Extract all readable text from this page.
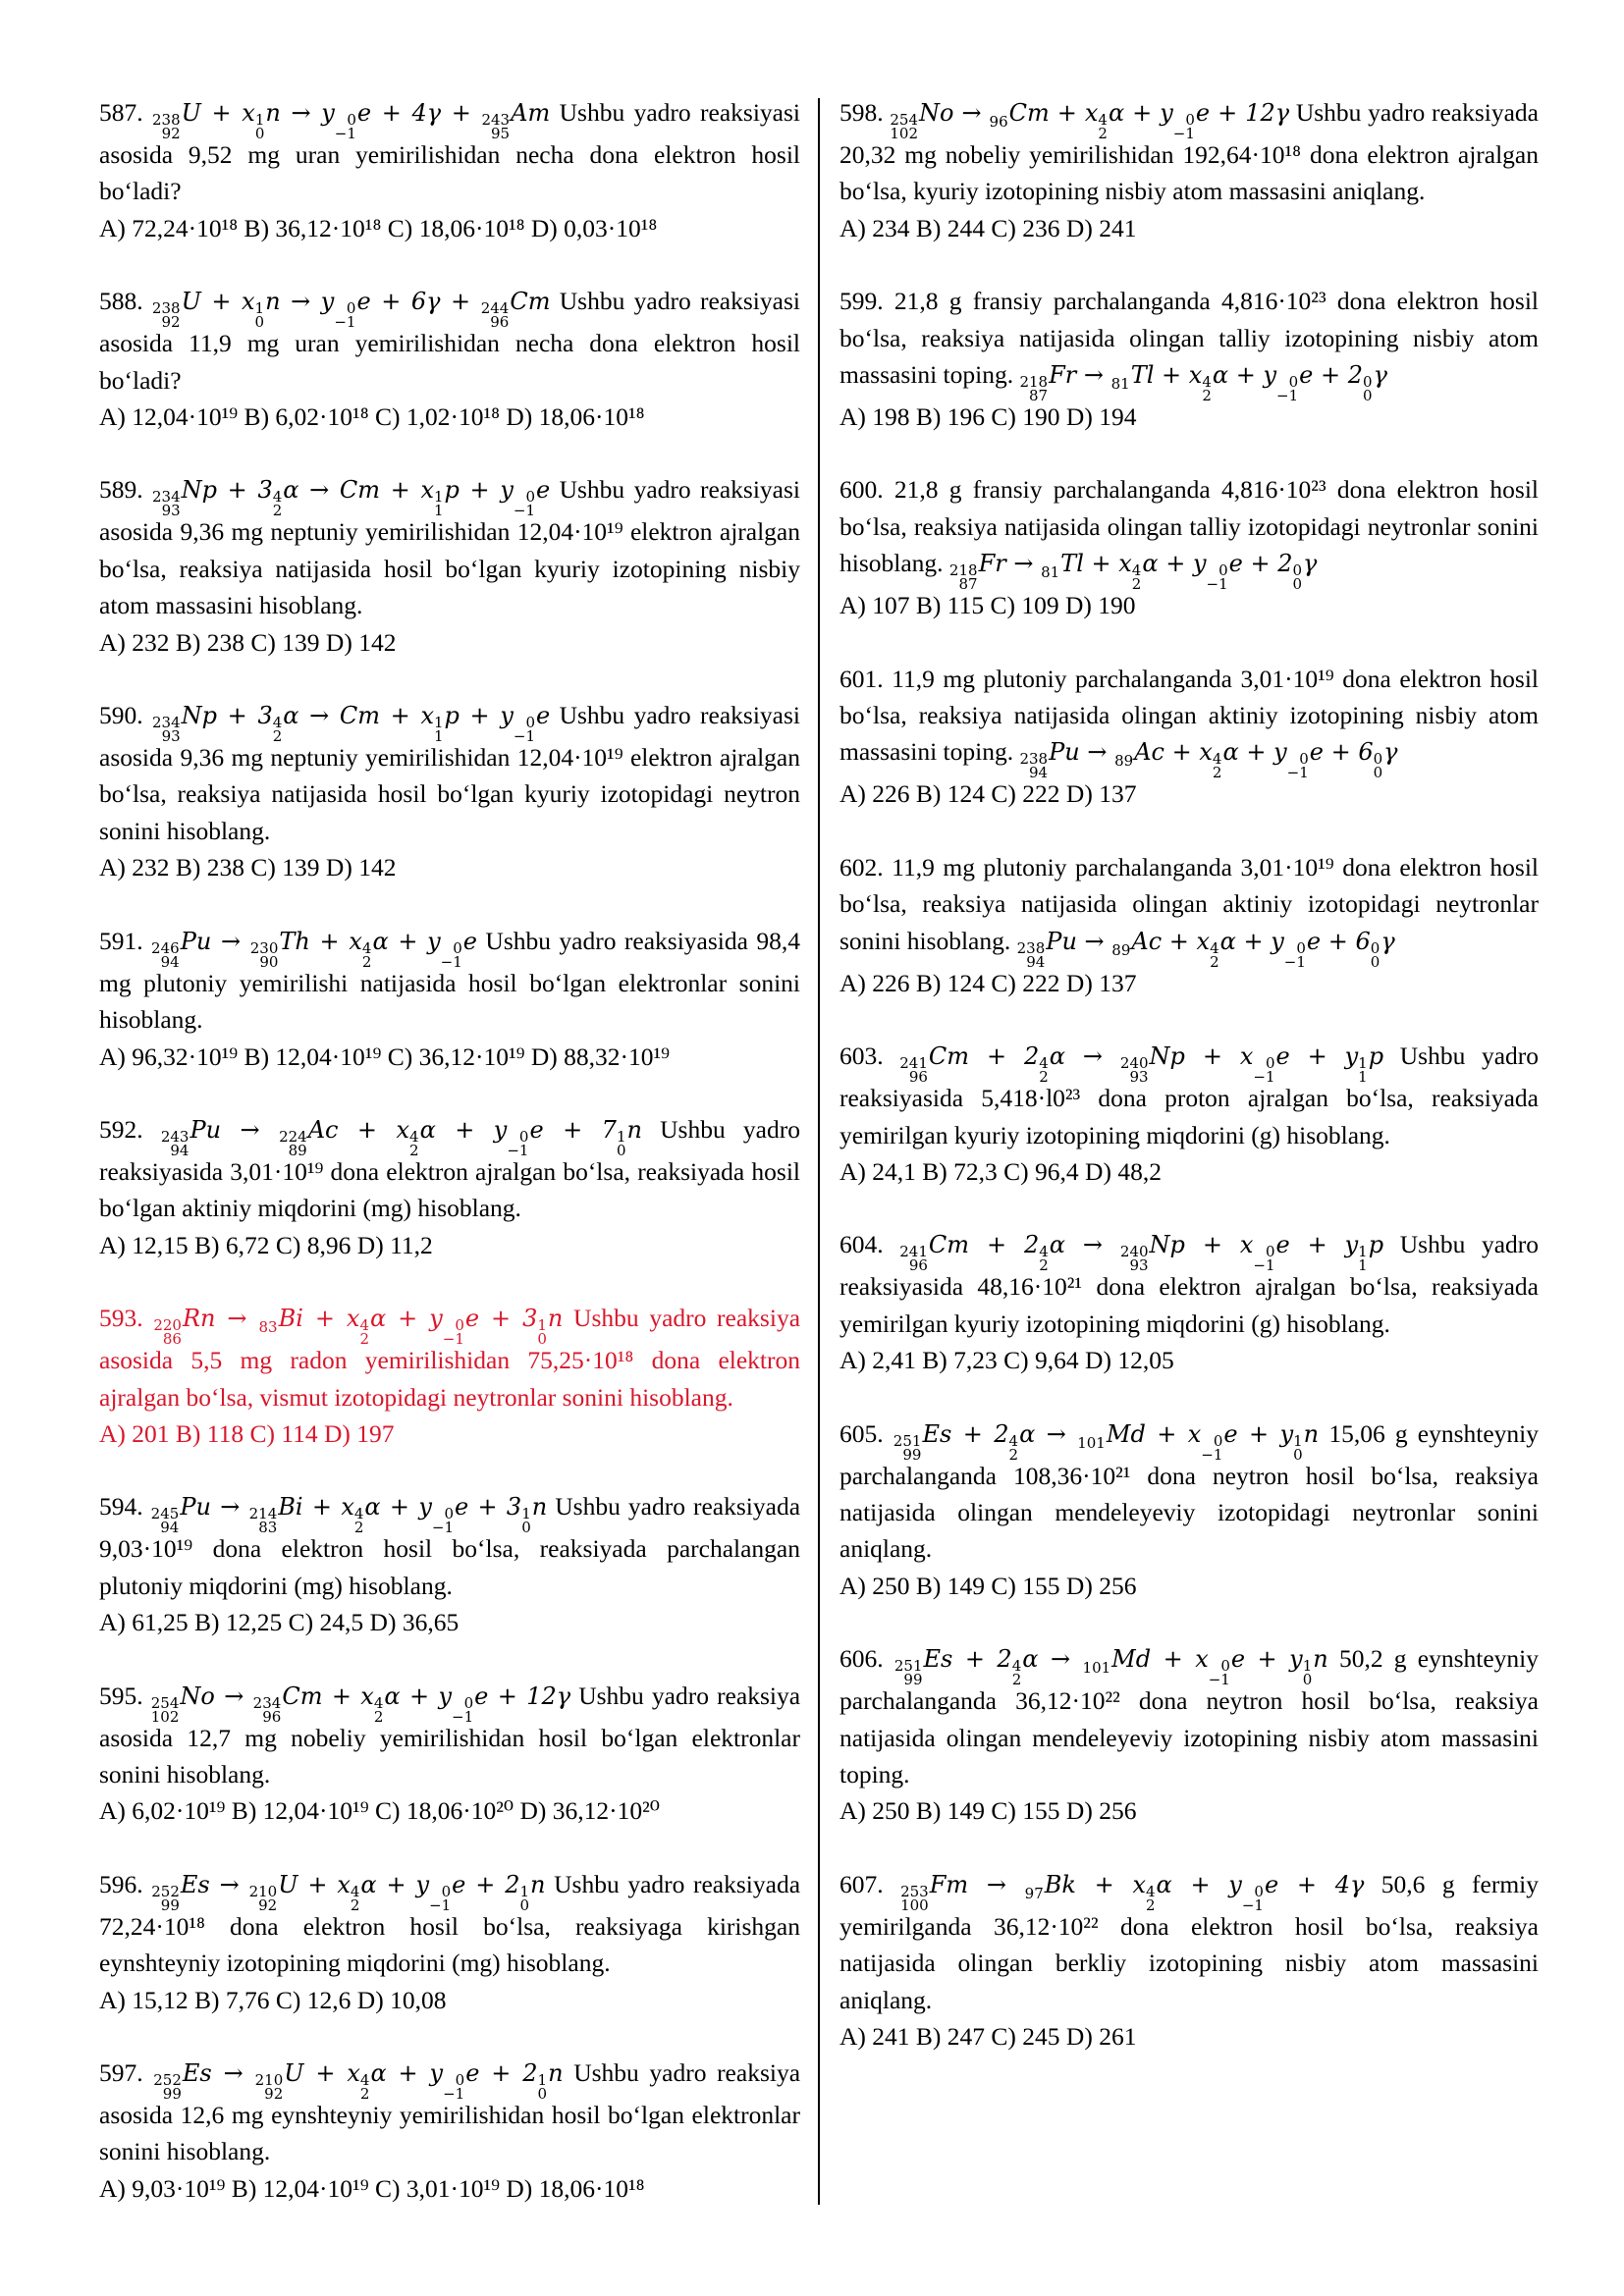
587. 238
92
U + x 1
0
n → y 0
−1
e + 4γ + 243
95
Am Ushbu yadro reaksiyasi asosida 9,52 mg uran yemirilishidan necha dona elektron hosil bo‘ladi?
A) 72,24·10¹⁸ B) 36,12·10¹⁸ C) 18,06·10¹⁸ D) 0,03·10¹⁸
588. 238
92
U + x 1
0
n → y 0
−1
e + 6γ + 244
96
Cm Ushbu yadro reaksiyasi asosida 11,9 mg uran yemirilishidan necha dona elektron hosil bo‘ladi?
A) 12,04·10¹⁹ B) 6,02·10¹⁸ C) 1,02·10¹⁸ D) 18,06·10¹⁸
589. 234
93
Np + 3 4
2
α → Cm + x 1
1
p + y 0
−1
e Ushbu yadro reaksiyasi asosida 9,36 mg neptuniy yemirilishidan 12,04·10¹⁹ elektron ajralgan bo‘lsa, reaksiya natijasida hosil bo‘lgan kyuriy izotopining nisbiy atom massasini hisoblang.
A) 232 B) 238 C) 139 D) 142
590. 234
93
Np + 3 4
2
α → Cm + x 1
1
p + y 0
−1
e Ushbu yadro reaksiyasi asosida 9,36 mg neptuniy yemirilishidan 12,04·10¹⁹ elektron ajralgan bo‘lsa, reaksiya natijasida hosil bo‘lgan kyuriy izotopidagi neytron sonini hisoblang.
A) 232 B) 238 C) 139 D) 142
591. 246
94
Pu → 230
90
Th + x 4
2
α + y 0
−1
e Ushbu yadro reaksiyasida 98,4 mg plutoniy yemirilishi natijasida hosil bo‘lgan elektronlar sonini hisoblang.
A) 96,32·10¹⁹ B) 12,04·10¹⁹ C) 36,12·10¹⁹ D) 88,32·10¹⁹
592. 243
94
Pu → 224
89
Ac + x 4
2
α + y 0
−1
e + 7 1
0
n Ushbu yadro reaksiyasida 3,01·10¹⁹ dona elektron ajralgan bo‘lsa, reaksiyada hosil bo‘lgan aktiniy miqdorini (mg) hisoblang.
A) 12,15 B) 6,72 C) 8,96 D) 11,2
593. 220
86
Rn → 83Bi + x 4
2
α + y 0
−1
e + 3 1
0
n Ushbu yadro reaksiya asosida 5,5 mg radon yemirilishidan 75,25·10¹⁸ dona elektron ajralgan bo‘lsa, vismut izotopidagi neytronlar sonini hisoblang.
A) 201 B) 118 C) 114 D) 197
594. 245
94
Pu → 214
83
Bi + x 4
2
α + y 0
−1
e + 3 1
0
n Ushbu yadro reaksiyada 9,03·10¹⁹ dona elektron hosil bo‘lsa, reaksiyada parchalangan plutoniy miqdorini (mg) hisoblang.
A) 61,25 B) 12,25 C) 24,5 D) 36,65
595. 254
102
No → 234
96
Cm + x 4
2
α + y 0
−1
e + 12γ Ushbu yadro reaksiya asosida 12,7 mg nobeliy yemirilishidan hosil bo‘lgan elektronlar sonini hisoblang.
A) 6,02·10¹⁹ B) 12,04·10¹⁹ C) 18,06·10²⁰ D) 36,12·10²⁰
596. 252
99
Es → 210
92
U + x 4
2
α + y 0
−1
e + 2 1
0
n Ushbu yadro reaksiyada 72,24·10¹⁸ dona elektron hosil bo‘lsa, reaksiyaga kirishgan eynshteyniy izotopining miqdorini (mg) hisoblang.
A) 15,12 B) 7,76 C) 12,6 D) 10,08
597. 252
99
Es → 210
92
U + x 4
2
α + y 0
−1
e + 2 1
0
n Ushbu yadro reaksiya asosida 12,6 mg eynshteyniy yemirilishidan hosil bo‘lgan elektronlar sonini hisoblang.
A) 9,03·10¹⁹ B) 12,04·10¹⁹ C) 3,01·10¹⁹ D) 18,06·10¹⁸
598. 254
102
No → 96Cm + x 4
2
α + y 0
−1
e + 12γ Ushbu yadro reaksiyada 20,32 mg nobeliy yemirilishidan 192,64·10¹⁸ dona elektron ajralgan bo‘lsa, kyuriy izotopining nisbiy atom massasini aniqlang.
A) 234 B) 244 C) 236 D) 241
599. 21,8 g fransiy parchalanganda 4,816·10²³ dona elektron hosil bo‘lsa, reaksiya natijasida olingan talliy izotopining nisbiy atom massasini toping. 218
87
Fr → 81Tl + x 4
2
α + y 0
−1
e + 2 0
0
γ
A) 198 B) 196 C) 190 D) 194
600. 21,8 g fransiy parchalanganda 4,816·10²³ dona elektron hosil bo‘lsa, reaksiya natijasida olingan talliy izotopidagi neytronlar sonini hisoblang. 218
87
Fr → 81Tl + x 4
2
α + y 0
−1
e + 2 0
0
γ
A) 107 B) 115 C) 109 D) 190
601. 11,9 mg plutoniy parchalanganda 3,01·10¹⁹ dona elektron hosil bo‘lsa, reaksiya natijasida olingan aktiniy izotopining nisbiy atom massasini toping. 238
94
Pu → 89Ac + x 4
2
α + y 0
−1
e + 6 0
0
γ
A) 226 B) 124 C) 222 D) 137
602. 11,9 mg plutoniy parchalanganda 3,01·10¹⁹ dona elektron hosil bo‘lsa, reaksiya natijasida olingan aktiniy izotopidagi neytronlar sonini hisoblang. 238
94
Pu → 89Ac + x 4
2
α + y 0
−1
e + 6 0
0
γ
A) 226 B) 124 C) 222 D) 137
603. 241
96
Cm + 2 4
2
α → 240
93
Np + x 0
−1
e + y 1
1
p Ushbu yadro reaksiyasida 5,418·l0²³ dona proton ajralgan bo‘lsa, reaksiyada yemirilgan kyuriy izotopining miqdorini (g) hisoblang.
A) 24,1 B) 72,3 C) 96,4 D) 48,2
604. 241
96
Cm + 2 4
2
α → 240
93
Np + x 0
−1
e + y 1
1
p Ushbu yadro reaksiyasida 48,16·10²¹ dona elektron ajralgan bo‘lsa, reaksiyada yemirilgan kyuriy izotopining miqdorini (g) hisoblang.
A) 2,41 B) 7,23 C) 9,64 D) 12,05
605. 251
99
Es + 2 4
2
α → 101Md + x 0
−1
e + y 1
0
n 15,06 g eynshteyniy parchalanganda 108,36·10²¹ dona neytron hosil bo‘lsa, reaksiya natijasida olingan mendeleyeviy izotopidagi neytronlar sonini aniqlang.
A) 250 B) 149 C) 155 D) 256
606. 251
99
Es + 2 4
2
α → 101Md + x 0
−1
e + y 1
0
n 50,2 g eynshteyniy parchalanganda 36,12·10²² dona neytron hosil bo‘lsa, reaksiya natijasida olingan mendeleyeviy izotopining nisbiy atom massasini toping.
A) 250 B) 149 C) 155 D) 256
607. 253
100
Fm → 97Bk + x 4
2
α + y 0
−1
e + 4γ 50,6 g fermiy yemirilganda 36,12·10²² dona elektron hosil bo‘lsa, reaksiya natijasida olingan berkliy izotopining nisbiy atom massasini aniqlang.
A) 241 B) 247 C) 245 D) 261
